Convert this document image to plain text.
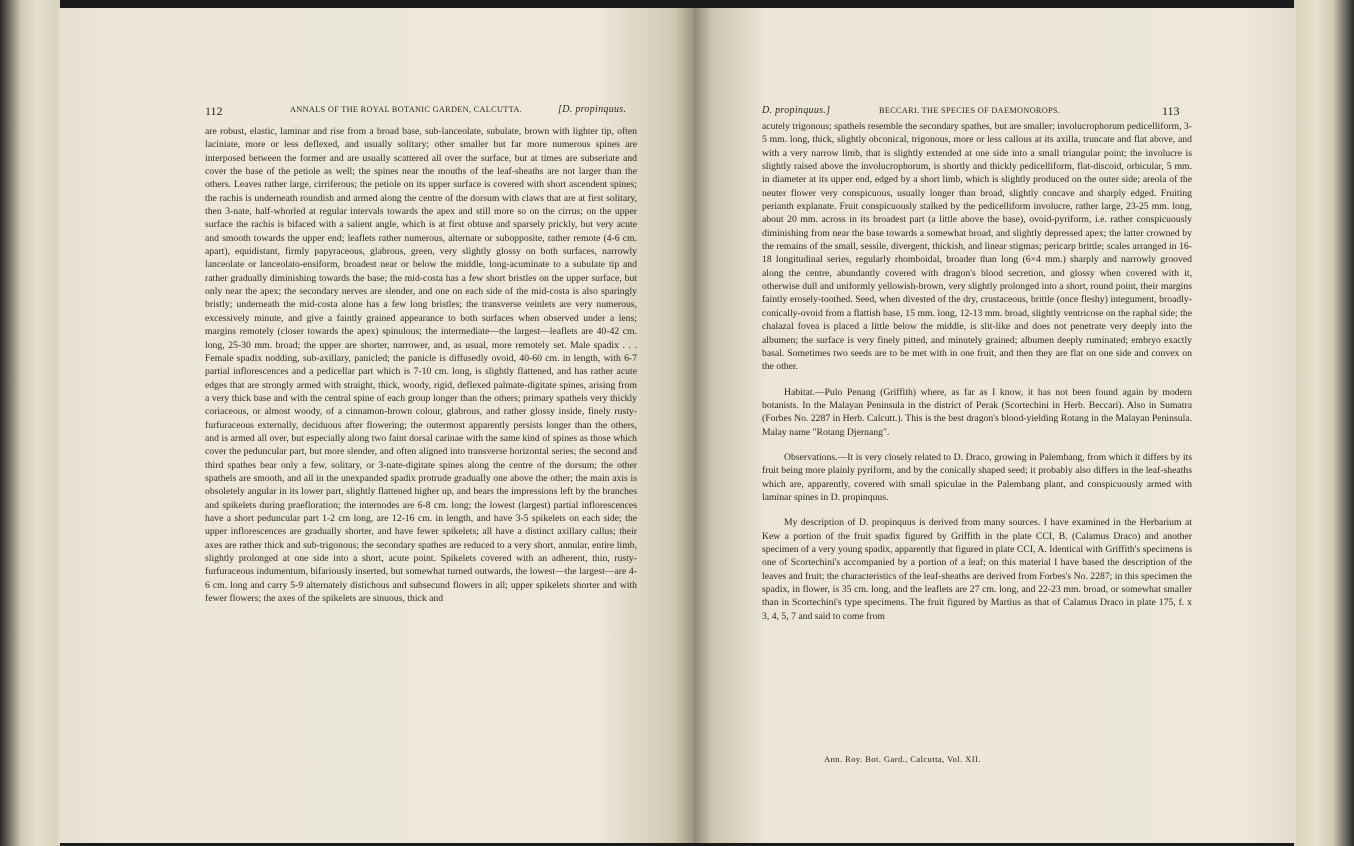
112	ANNALS OF THE ROYAL BOTANIC GARDEN, CALCUTTA.	[D. propinquus.

are robust, elastic, laminar and rise from a broad base, sub-lanceolate, subulate, brown with lighter tip, often laciniate, more or less deflexed, and usually solitary; other smaller but far more numerous spines are interposed between the former and are usually scattered all over the surface, but at times are subseriate and cover the base of the petiole as well; the spines near the mouths of the leaf-sheaths are not larger than the others. Leaves rather large, cirriferous; the petiole on its upper surface is covered with short ascendent spines; the rachis is underneath roundish and armed along the centre of the dorsum with claws that are at first solitary, then 3-nate, half-whorled at regular intervals towards the apex and still more so on the cirrus; on the upper surface the rachis is bifaced with a salient angle, which is at first obtuse and sparsely prickly, but very acute and smooth towards the upper end; leaflets rather numerous, alternate or subopposite, rather remote (4-6 cm. apart), equidistant, firmly papyraceous, glabrous, green, very slightly glossy on both surfaces, narrowly lanceolate or lanceolato-ensiform, broadest near or below the middle, long-acuminate to a subulate tip and rather gradually diminishing towards the base; the mid-costa has a few short bristles on the upper surface, but only near the apex; the secondary nerves are slender, and one on each side of the mid-costa is also sparingly bristly; underneath the mid-costa alone has a few long bristles; the transverse veinlets are very numerous, excessively minute, and give a faintly grained appearance to both surfaces when observed under a lens; margins remotely (closer towards the apex) spinulous; the intermediate—the largest—leaflets are 40-42 cm. long, 25-30 mm. broad; the upper are shorter, narrower, and, as usual, more remotely set. Male spadix . . . Female spadix nodding, sub-axillary, panicled; the panicle is diffusedly ovoid, 40-60 cm. in length, with 6-7 partial inflorescences and a pedicellar part which is 7-10 cm. long, is slightly flattened, and has rather acute edges that are strongly armed with straight, thick, woody, rigid, deflexed palmate-digitate spines, arising from a very thick base and with the central spine of each group longer than the others; primary spathels very thickly coriaceous, or almost woody, of a cinnamon-brown colour, glabrous, and rather glossy inside, finely rusty-furfuraceous externally, deciduous after flowering; the outermost apparently persists longer than the others, and is armed all over, but especially along two faint dorsal carinae with the same kind of spines as those which cover the peduncular part, but more slender, and often aligned into transverse horizontal series; the second and third spathes bear only a few, solitary, or 3-nate-digitate spines along the centre of the dorsum; the other spathels are smooth, and all in the unexpanded spadix protrude gradually one above the other; the main axis is obsoletely angular in its lower part, slightly flattened higher up, and bears the impressions left by the branches and spikelets during praefloration; the internodes are 6-8 cm. long; the lowest (largest) partial inflorescences have a short peduncular part 1-2 cm long, are 12-16 cm. in length, and have 3-5 spikelets on each side; the upper inflorescences are gradually shorter, and have fewer spikelets; all have a distinct axillary callus; their axes are rather thick and sub-trigonous; the secondary spathes are reduced to a very short, annular, entire limb, slightly prolonged at one side into a short, acute point. Spikelets covered with an adherent, thin, rusty-furfuraceous indumentum, bifariously inserted, but somewhat turned outwards, the lowest—the largest—are 4-6 cm. long and carry 5-9 alternately distichous and subsecund flowers in all; upper spikelets shorter and with fewer flowers; the axes of the spikelets are sinuous, thick and

D. propinquus.]	BECCARI. THE SPECIES OF DAEMONOROPS.	113

acutely trigonous; spathels resemble the secondary spathes, but are smaller; involucrophorum pedicelliform, 3-5 mm. long, thick, slightly obconical, trigonous, more or less callous at its axilla, truncate and flat above, and with a very narrow limb, that is slightly extended at one side into a small triangular point; the involucre is slightly raised above the involucrophorum, is shortly and thickly pedicelliform, flat-discoid, orbicular, 5 mm. in diameter at its upper end, edged by a short limb, which is slightly produced on the outer side; areola of the neuter flower very conspicuous, usually longer than broad, slightly concave and sharply edged. Fruiting perianth explanate. Fruit conspicuously stalked by the pedicelliform involucre, rather large, 23-25 mm. long, about 20 mm. across in its broadest part (a little above the base), ovoid-pyriform, i.e. rather conspicuously diminishing from near the base towards a somewhat broad, and slightly depressed apex; the latter crowned by the remains of the small, sessile, divergent, thickish, and linear stigmas; pericarp brittle; scales arranged in 16-18 longitudinal series, regularly rhomboidal, broader than long (6×4 mm.) sharply and narrowly grooved along the centre, abundantly covered with dragon's blood secretion, and glossy when covered with it, otherwise dull and uniformly yellowish-brown, very slightly prolonged into a short, round point, their margins faintly erosely-toothed. Seed, when divested of the dry, crustaceous, brittle (once fleshy) integument, broadly-conically-ovoid from a flattish base, 15 mm. long, 12-13 mm. broad, slightly ventricose on the raphal side; the chalazal fovea is placed a little below the middle, is slit-like and does not penetrate very deeply into the albumen; the surface is very finely pitted, and minutely grained; albumen deeply ruminated; embryo exactly basal. Sometimes two seeds are to be met with in one fruit, and then they are flat on one side and convex on the other.

Habitat.—Pulo Penang (Griffith) where, as far as I know, it has not been found again by modern botanists. In the Malayan Peninsula in the district of Perak (Scortechini in Herb. Beccari). Also in Sumatra (Forbes No. 2287 in Herb. Calcutt.). This is the best dragon's blood-yielding Rotang in the Malayan Peninsula. Malay name "Rotang Djernang".

Observations.—It is very closely related to D. Draco, growing in Palembang, from which it differs by its fruit being more plainly pyriform, and by the conically shaped seed; it probably also differs in the leaf-sheaths which are, apparently, covered with small spiculae in the Palembang plant, and conspicuously armed with laminar spines in D. propinquus.

My description of D. propinquus is derived from many sources. I have examined in the Herbarium at Kew a portion of the fruit spadix figured by Griffith in the plate CCI, B. (Calamus Draco) and another specimen of a very young spadix, apparently that figured in plate CCI, A. Identical with Griffith's specimens is one of Scortechini's accompanied by a portion of a leaf; on this material I have based the description of the leaves and fruit; the characteristics of the leaf-sheaths are derived from Forbes's No. 2287; in this specimen the spadix, in flower, is 35 cm. long, and the leaflets are 27 cm. long, and 22-23 mm. broad, or somewhat smaller than in Scortechini's type specimens. The fruit figured by Martius as that of Calamus Draco in plate 175, f. x 3, 4, 5, 7 and said to come from

Ann. Roy. Bot. Gard., Calcutta, Vol. XII.
